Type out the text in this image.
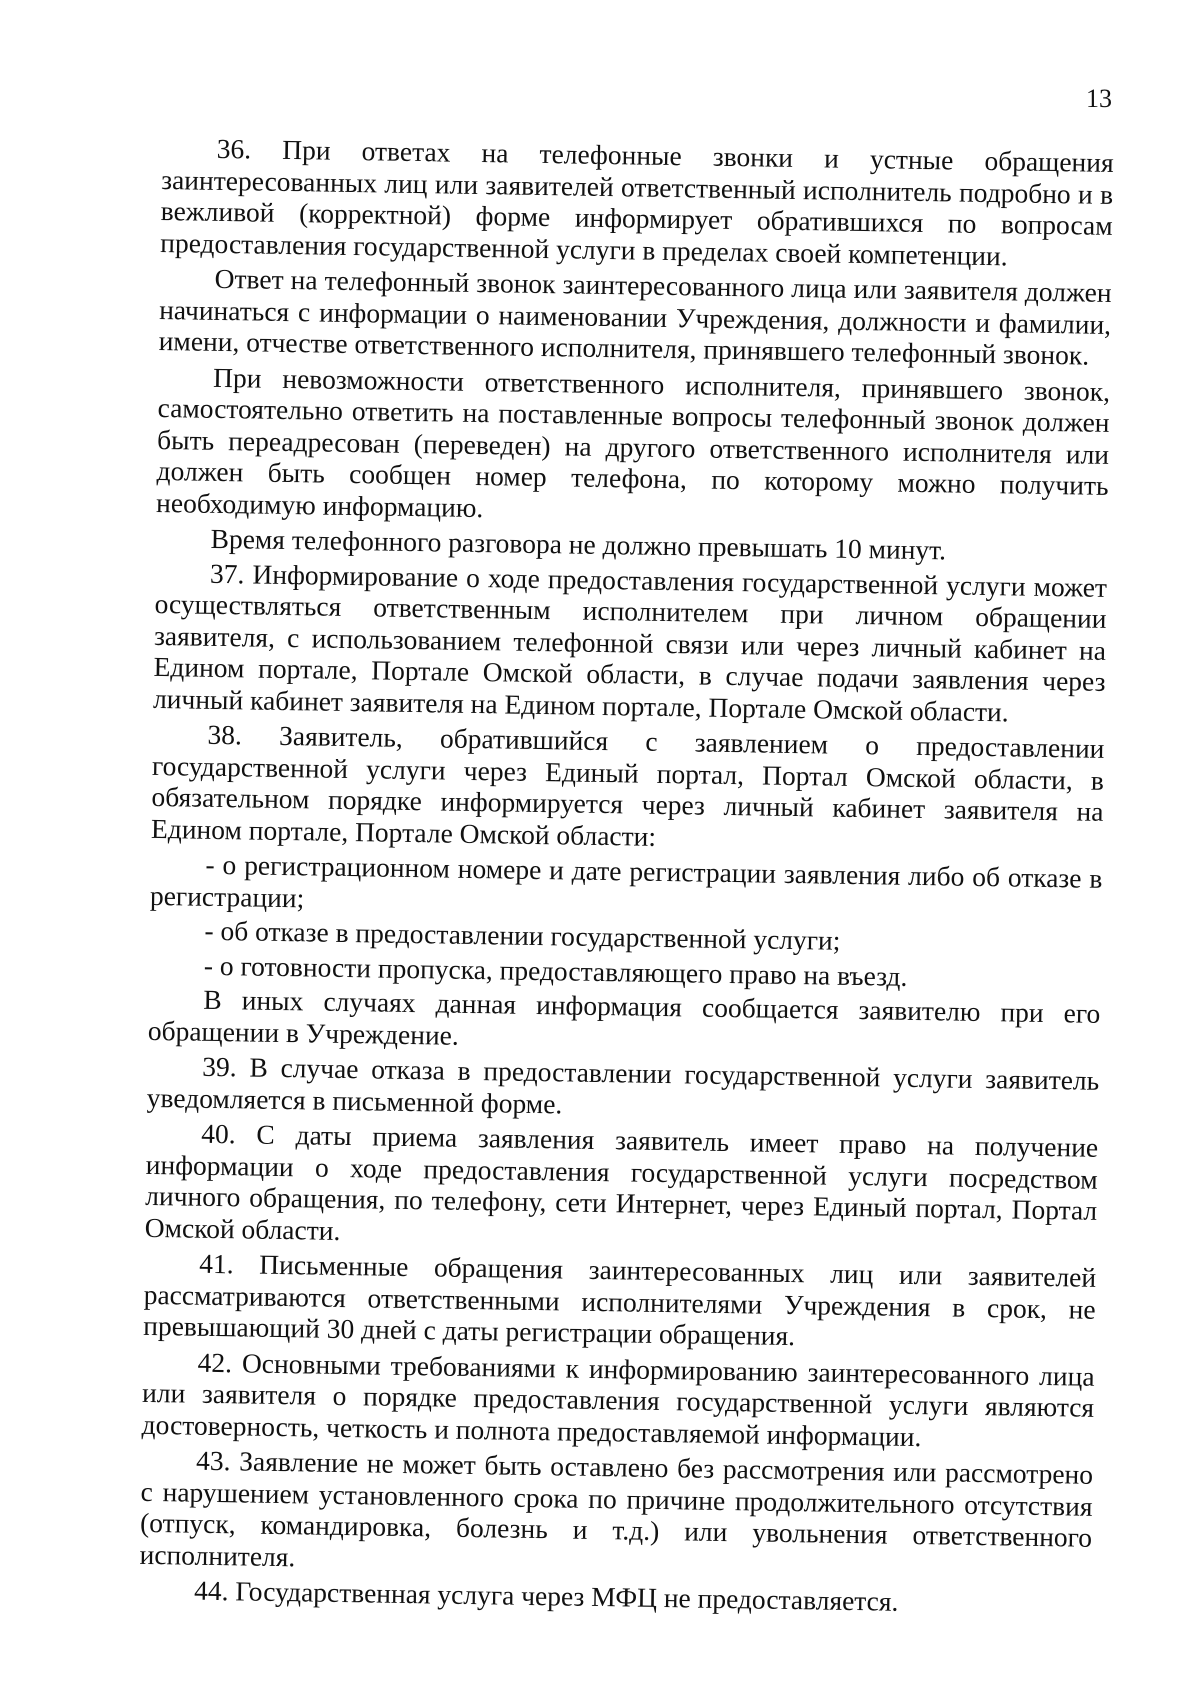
13

36. При ответах на телефонные звонки и устные обращения заинтересованных лиц или заявителей ответственный исполнитель подробно и в вежливой (корректной) форме информирует обратившихся по вопросам предоставления государственной услуги в пределах своей компетенции.

Ответ на телефонный звонок заинтересованного лица или заявителя должен начинаться с информации о наименовании Учреждения, должности и фамилии, имени, отчестве ответственного исполнителя, принявшего телефонный звонок.

При невозможности ответственного исполнителя, принявшего звонок, самостоятельно ответить на поставленные вопросы телефонный звонок должен быть переадресован (переведен) на другого ответственного исполнителя или должен быть сообщен номер телефона, по которому можно получить необходимую информацию.

Время телефонного разговора не должно превышать 10 минут.

37. Информирование о ходе предоставления государственной услуги может осуществляться ответственным исполнителем при личном обращении заявителя, с использованием телефонной связи или через личный кабинет на Едином портале, Портале Омской области, в случае подачи заявления через личный кабинет заявителя на Едином портале, Портале Омской области.

38. Заявитель, обратившийся с заявлением о предоставлении государственной услуги через Единый портал, Портал Омской области, в обязательном порядке информируется через личный кабинет заявителя на Едином портале, Портале Омской области:

- о регистрационном номере и дате регистрации заявления либо об отказе в регистрации;

- об отказе в предоставлении государственной услуги;

- о готовности пропуска, предоставляющего право на въезд.

В иных случаях данная информация сообщается заявителю при его обращении в Учреждение.

39. В случае отказа в предоставлении государственной услуги заявитель уведомляется в письменной форме.

40. С даты приема заявления заявитель имеет право на получение информации о ходе предоставления государственной услуги посредством личного обращения, по телефону, сети Интернет, через Единый портал, Портал Омской области.

41. Письменные обращения заинтересованных лиц или заявителей рассматриваются ответственными исполнителями Учреждения в срок, не превышающий 30 дней с даты регистрации обращения.

42. Основными требованиями к информированию заинтересованного лица или заявителя о порядке предоставления государственной услуги являются достоверность, четкость и полнота предоставляемой информации.

43. Заявление не может быть оставлено без рассмотрения или рассмотрено с нарушением установленного срока по причине продолжительного отсутствия (отпуск, командировка, болезнь и т.д.) или увольнения ответственного исполнителя.

44. Государственная услуга через МФЦ не предоставляется.
